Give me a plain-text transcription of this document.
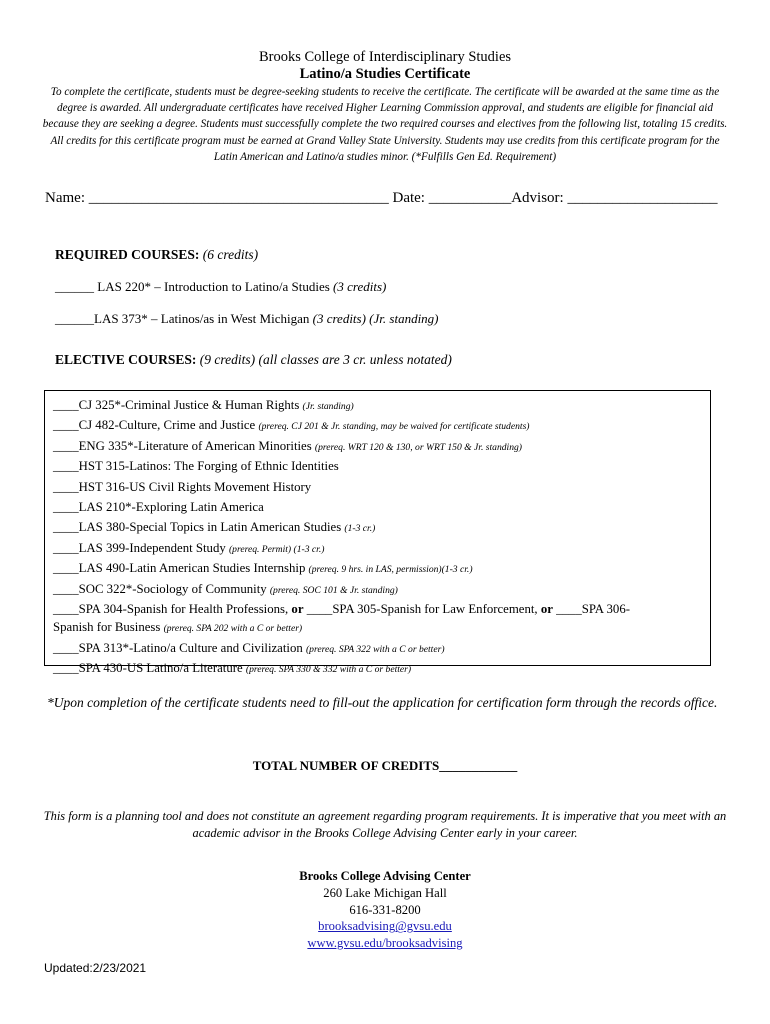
Brooks College of Interdisciplinary Studies
Latino/a Studies Certificate
To complete the certificate, students must be degree-seeking students to receive the certificate. The certificate will be awarded at the same time as the degree is awarded. All undergraduate certificates have received Higher Learning Commission approval, and students are eligible for financial aid because they are seeking a degree. Students must successfully complete the two required courses and electives from the following list, totaling 15 credits. All credits for this certificate program must be earned at Grand Valley State University. Students may use credits from this certificate program for the Latin American and Latino/a studies minor. (*Fulfills Gen Ed. Requirement)
Name: ________________________________________ Date: ___________Advisor: ____________________
REQUIRED COURSES: (6 credits)
______ LAS 220* – Introduction to Latino/a Studies (3 credits)
______LAS 373* – Latinos/as in West Michigan (3 credits) (Jr. standing)
ELECTIVE COURSES: (9 credits) (all classes are 3 cr. unless notated)
____CJ 325*-Criminal Justice & Human Rights (Jr. standing)
____CJ 482-Culture, Crime and Justice (prereq. CJ 201 & Jr. standing, may be waived for certificate students)
____ENG 335*-Literature of American Minorities (prereq. WRT 120 & 130, or WRT 150 & Jr. standing)
____HST 315-Latinos: The Forging of Ethnic Identities
____HST 316-US Civil Rights Movement History
____LAS 210*-Exploring Latin America
____LAS 380-Special Topics in Latin American Studies (1-3 cr.)
____LAS 399-Independent Study (prereq. Permit) (1-3 cr.)
____LAS 490-Latin American Studies Internship (prereq. 9 hrs. in LAS, permission)(1-3 cr.)
____SOC 322*-Sociology of Community (prereq. SOC 101 & Jr. standing)
____SPA 304-Spanish for Health Professions, or ____SPA 305-Spanish for Law Enforcement, or ____SPA 306-
Spanish for Business (prereq. SPA 202 with a C or better)
____SPA 313*-Latino/a Culture and Civilization (prereq. SPA 322 with a C or better)
____SPA 430-US Latino/a Literature (prereq. SPA 330 & 332 with a C or better)
*Upon completion of the certificate students need to fill-out the application for certification form through the records office.
TOTAL NUMBER OF CREDITS____________
This form is a planning tool and does not constitute an agreement regarding program requirements. It is imperative that you meet with an academic advisor in the Brooks College Advising Center early in your career.
Brooks College Advising Center
260 Lake Michigan Hall
616-331-8200
brooksadvising@gvsu.edu
www.gvsu.edu/brooksadvising
Updated:2/23/2021
